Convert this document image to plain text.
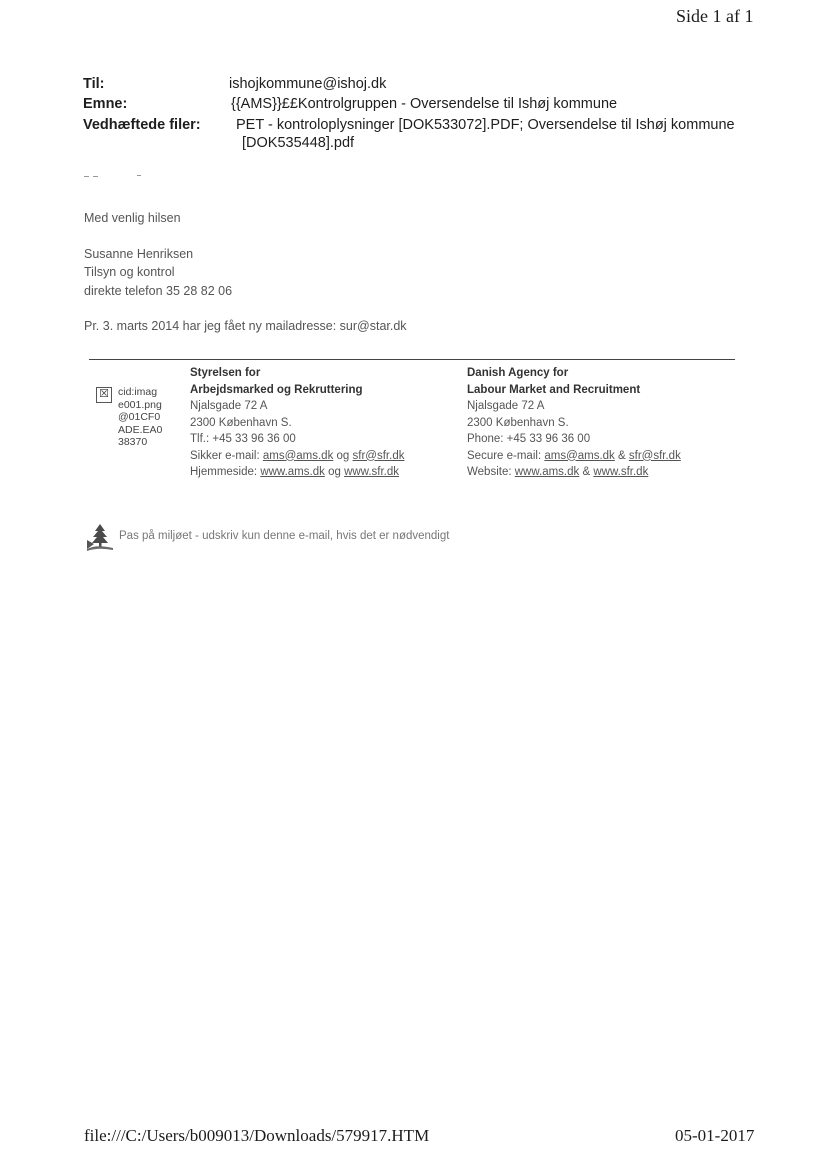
Side 1 af 1
Til:	ishojkommune@ishoj.dk
Emne:	{{AMS}}££Kontrolgruppen - Oversendelse til Ishøj kommune
Vedhæftede filer: PET - kontroloplysninger [DOK533072].PDF; Oversendelse til Ishøj kommune
[DOK535448].pdf
Med venlig hilsen
Susanne Henriksen
Tilsyn og kontrol
direkte telefon 35 28 82 06
Pr. 3. marts 2014 har jeg fået ny mailadresse: sur@star.dk
☒ cid:imag
e001.png
@01CF0
ADE.EA0
38370
Styrelsen for
Arbejdsmarked og Rekruttering
Njalsgade 72 A
2300 København S.
Tlf.: +45 33 96 36 00
Sikker e-mail: ams@ams.dk og sfr@sfr.dk
Hjemmeside: www.ams.dk og www.sfr.dk
Danish Agency for
Labour Market and Recruitment
Njalsgade 72 A
2300 København S.
Phone: +45 33 96 36 00
Secure e-mail: ams@ams.dk & sfr@sfr.dk
Website: www.ams.dk & www.sfr.dk
Pas på miljøet - udskriv kun denne e-mail, hvis det er nødvendigt
file:///C:/Users/b009013/Downloads/579917.HTM	05-01-2017
